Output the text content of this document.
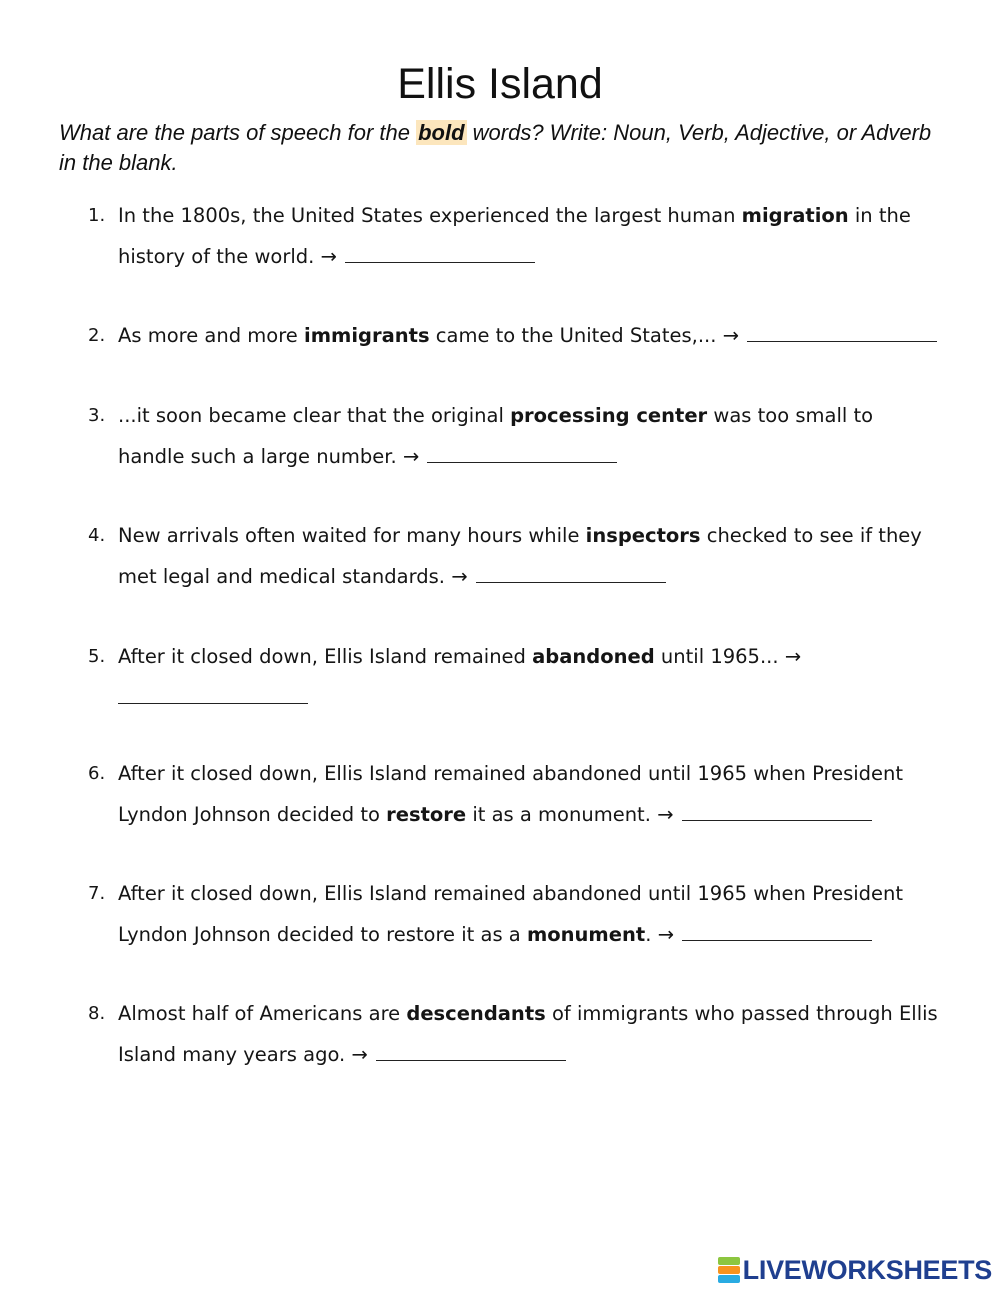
Ellis Island
What are the parts of speech for the bold words? Write: Noun, Verb, Adjective, or Adverb in the blank.
1. In the 1800s, the United States experienced the largest human migration in the history of the world. →
2. As more and more immigrants came to the United States,... →
3. ...it soon became clear that the original processing center was too small to handle such a large number. →
4. New arrivals often waited for many hours while inspectors checked to see if they met legal and medical standards. →
5. After it closed down, Ellis Island remained abandoned until 1965... →

6. After it closed down, Ellis Island remained abandoned until 1965 when President Lyndon Johnson decided to restore it as a monument. →
7. After it closed down, Ellis Island remained abandoned until 1965 when President Lyndon Johnson decided to restore it as a monument. →
8. Almost half of Americans are descendants of immigrants who passed through Ellis Island many years ago. →
LIVEWORKSHEETS
